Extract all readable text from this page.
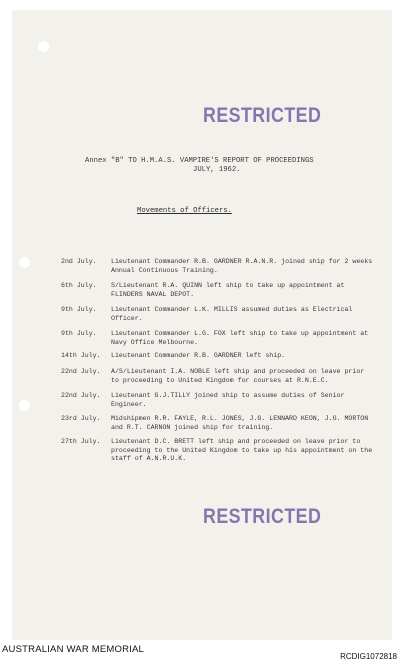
RESTRICTED
Annex "B" TO H.M.A.S. VAMPIRE'S REPORT OF PROCEEDINGS
JULY, 1962.
Movements of Officers.
2nd July. Lieutenant Commander R.B. GARDNER R.A.N.R. joined ship for 2 weeks Annual Continuous Training.
6th July. S/Lieutenant R.A. QUINN left ship to take up appointment at FLINDERS NAVAL DEPOT.
9th July. Lieutenant Commander L.K. MILLIS assumed duties as Electrical Officer.
9th July. Lieutenant Commander L.G. FOX left ship to take up appointment at Navy Office Melbourne.
14th July. Lieutenant Commander R.B. GARDNER left ship.
22nd July. A/S/Lieutenant I.A. NOBLE left ship and proceeded on leave prior to proceeding to United Kingdom for courses at R.N.E.C.
22nd July. Lieutenant G.J.TILLY joined ship to assume duties of Senior Engineer.
23rd July. Midshipmen R.R. FAYLE, R.L. JONES, J.G. LENNARD KEON, J.G. MORTON and R.T. CARNON joined ship for training.
27th July. Lieutenant D.C. BRETT left ship and proceeded on leave prior to proceeding to the United Kingdom to take up his appointment on the staff of A.N.R.U.K.
RESTRICTED
AUSTRALIAN WAR MEMORIAL
RCDIG1072818
